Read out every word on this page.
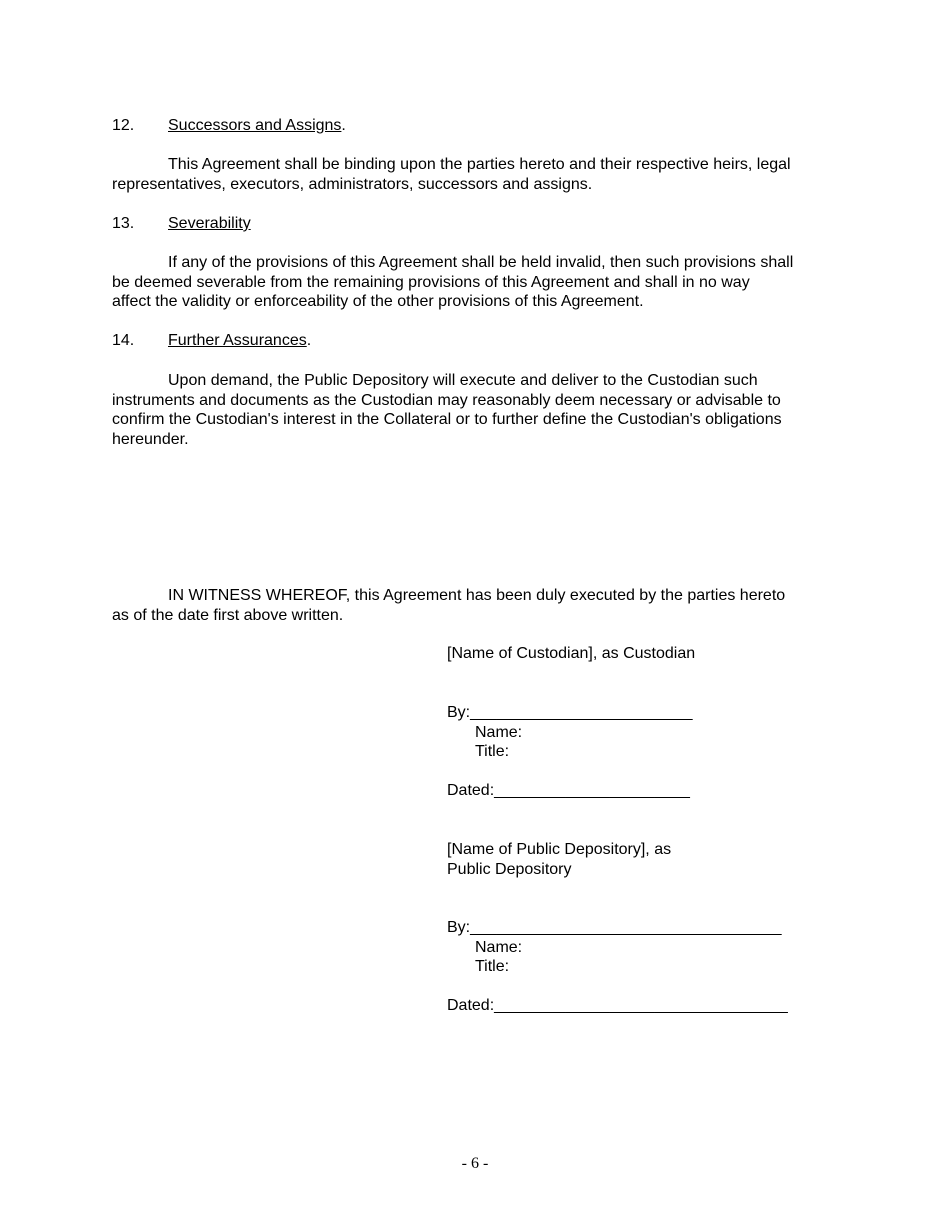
12. Successors and Assigns.
This Agreement shall be binding upon the parties hereto and their respective heirs, legal
representatives, executors, administrators, successors and assigns.
13. Severability
If any of the provisions of this Agreement shall be held invalid, then such provisions shall
be deemed severable from the remaining provisions of this Agreement and shall in no way
affect the validity or enforceability of the other provisions of this Agreement.
14. Further Assurances.
Upon demand, the Public Depository will execute and deliver to the Custodian such
instruments and documents as the Custodian may reasonably deem necessary or advisable to
confirm the Custodian's interest in the Collateral or to further define the Custodian's obligations
hereunder.
IN WITNESS WHEREOF, this Agreement has been duly executed by the parties hereto
as of the date first above written.
[Name of Custodian], as Custodian
By:_________________________
Name:
Title:
Dated:______________________
[Name of Public Depository], as
Public Depository
By:___________________________________
Name:
Title:
Dated:_________________________________
- 6 -
